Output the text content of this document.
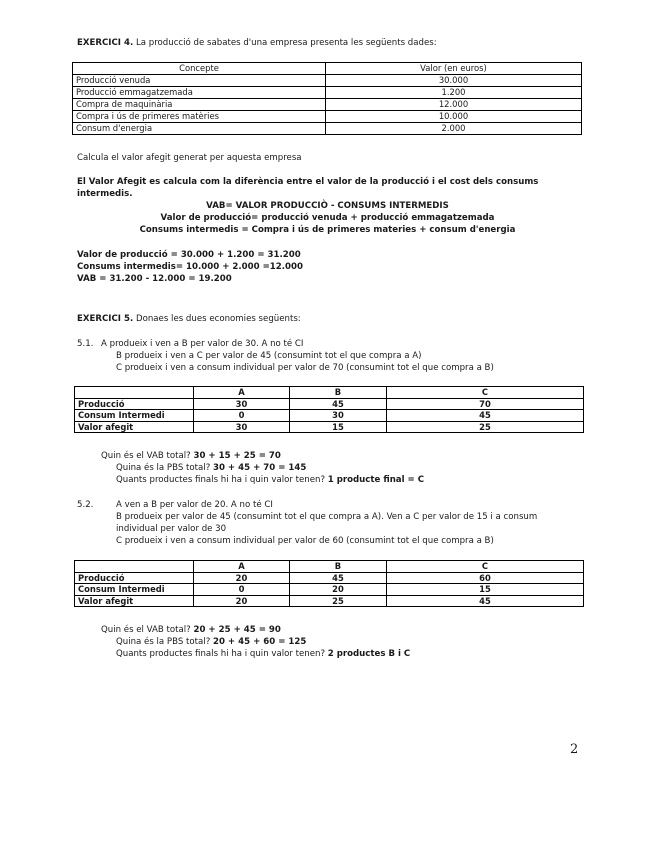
EXERCICI 4. La producció de sabates d'una empresa presenta les següents dades:
Concepte	Valor (en euros)
Producció venuda	30.000
Producció emmagatzemada	1.200
Compra de maquinària	12.000
Compra i ús de primeres matèries	10.000
Consum d'energia	2.000
Calcula el valor afegit generat per aquesta empresa
El Valor Afegit es calcula com la diferència entre el valor de la producció i el cost dels consums
intermedis.
VAB= VALOR PRODUCCIÒ - CONSUMS INTERMEDIS
Valor de producció= producció venuda + producció emmagatzemada
Consums intermedis = Compra i ús de primeres materies + consum d'energia
Valor de producció = 30.000 + 1.200 = 31.200
Consums intermedis= 10.000 + 2.000 =12.000
VAB = 31.200 - 12.000 = 19.200
EXERCICI 5. Donaes les dues economies següents:
5.1. A produeix i ven a B per valor de 30. A no té CI
B produeix i ven a C per valor de 45 (consumint tot el que compra a A)
C produeix i ven a consum individual per valor de 70 (consumint tot el que compra a B)
	A	B	C
Producció	30	45	70
Consum Intermedi	0	30	45
Valor afegit	30	15	25
Quin és el VAB total? 30 + 15 + 25 = 70
Quina és la PBS total? 30 + 45 + 70 = 145
Quants productes finals hi ha i quin valor tenen? 1 producte final = C
5.2.	A ven a B per valor de 20. A no té CI
B produeix per valor de 45 (consumint tot el que compra a A). Ven a C per valor de 15 i a consum
individual per valor de 30
C produeix i ven a consum individual per valor de 60 (consumint tot el que compra a B)
	A	B	C
Producció	20	45	60
Consum Intermedi	0	20	15
Valor afegit	20	25	45
Quin és el VAB total? 20 + 25 + 45 = 90
Quina és la PBS total? 20 + 45 + 60 = 125
Quants productes finals hi ha i quin valor tenen? 2 productes B i C
2
